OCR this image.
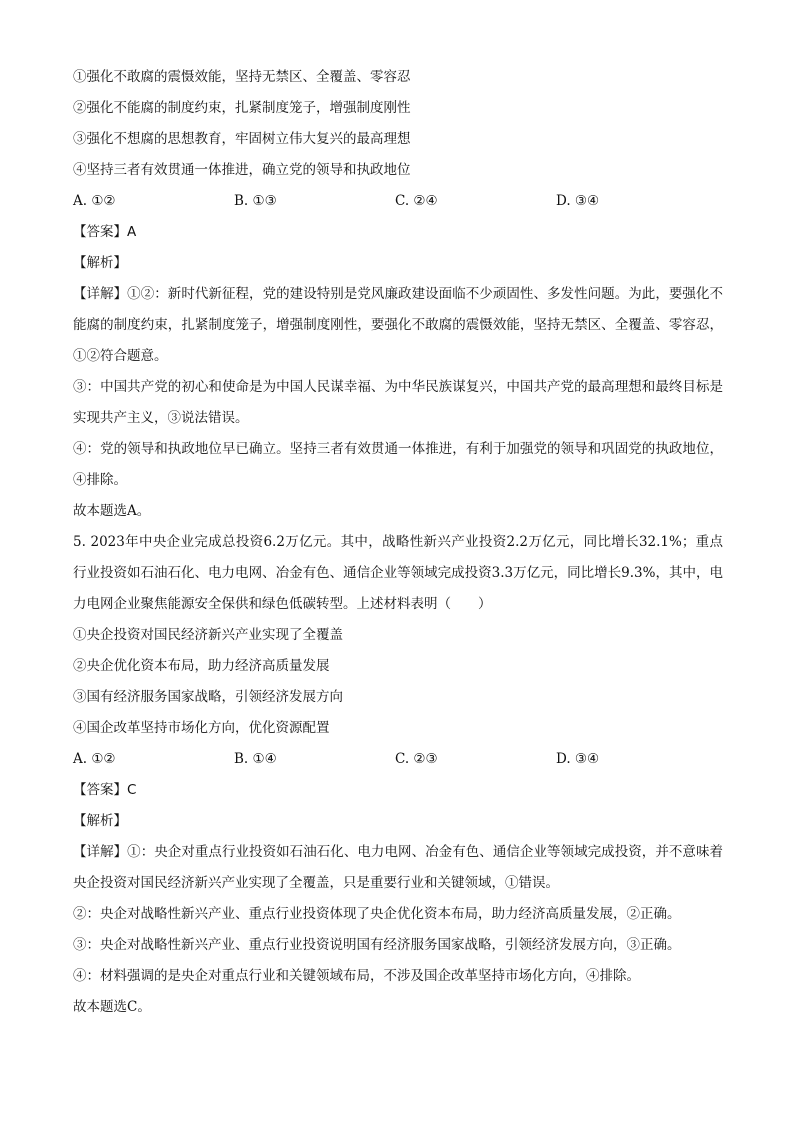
①强化不敢腐的震慑效能，坚持无禁区、全覆盖、零容忍
②强化不能腐的制度约束，扎紧制度笼子，增强制度刚性
③强化不想腐的思想教育，牢固树立伟大复兴的最高理想
④坚持三者有效贯通一体推进，确立党的领导和执政地位
A. ①②	B. ①③	C. ②④	D. ③④
【答案】A
【解析】
【详解】①②：新时代新征程，党的建设特别是党风廉政建设面临不少顽固性、多发性问题。为此，要强化不能腐的制度约束，扎紧制度笼子，增强制度刚性，要强化不敢腐的震慑效能，坚持无禁区、全覆盖、零容忍，①②符合题意。
③：中国共产党的初心和使命是为中国人民谋幸福、为中华民族谋复兴，中国共产党的最高理想和最终目标是实现共产主义，③说法错误。
④：党的领导和执政地位早已确立。坚持三者有效贯通一体推进，有利于加强党的领导和巩固党的执政地位，④排除。
故本题选A。
5. 2023年中央企业完成总投资6.2万亿元。其中，战略性新兴产业投资2.2万亿元，同比增长32.1%；重点行业投资如石油石化、电力电网、冶金有色、通信企业等领域完成投资3.3万亿元，同比增长9.3%，其中，电力电网企业聚焦能源安全保供和绿色低碳转型。上述材料表明（　　）
①央企投资对国民经济新兴产业实现了全覆盖
②央企优化资本布局，助力经济高质量发展
③国有经济服务国家战略，引领经济发展方向
④国企改革坚持市场化方向，优化资源配置
A. ①②	B. ①④	C. ②③	D. ③④
【答案】C
【解析】
【详解】①：央企对重点行业投资如石油石化、电力电网、冶金有色、通信企业等领域完成投资，并不意味着央企投资对国民经济新兴产业实现了全覆盖，只是重要行业和关键领域，①错误。
②：央企对战略性新兴产业、重点行业投资体现了央企优化资本布局，助力经济高质量发展，②正确。
③：央企对战略性新兴产业、重点行业投资说明国有经济服务国家战略，引领经济发展方向，③正确。
④：材料强调的是央企对重点行业和关键领域布局，不涉及国企改革坚持市场化方向，④排除。
故本题选C。
